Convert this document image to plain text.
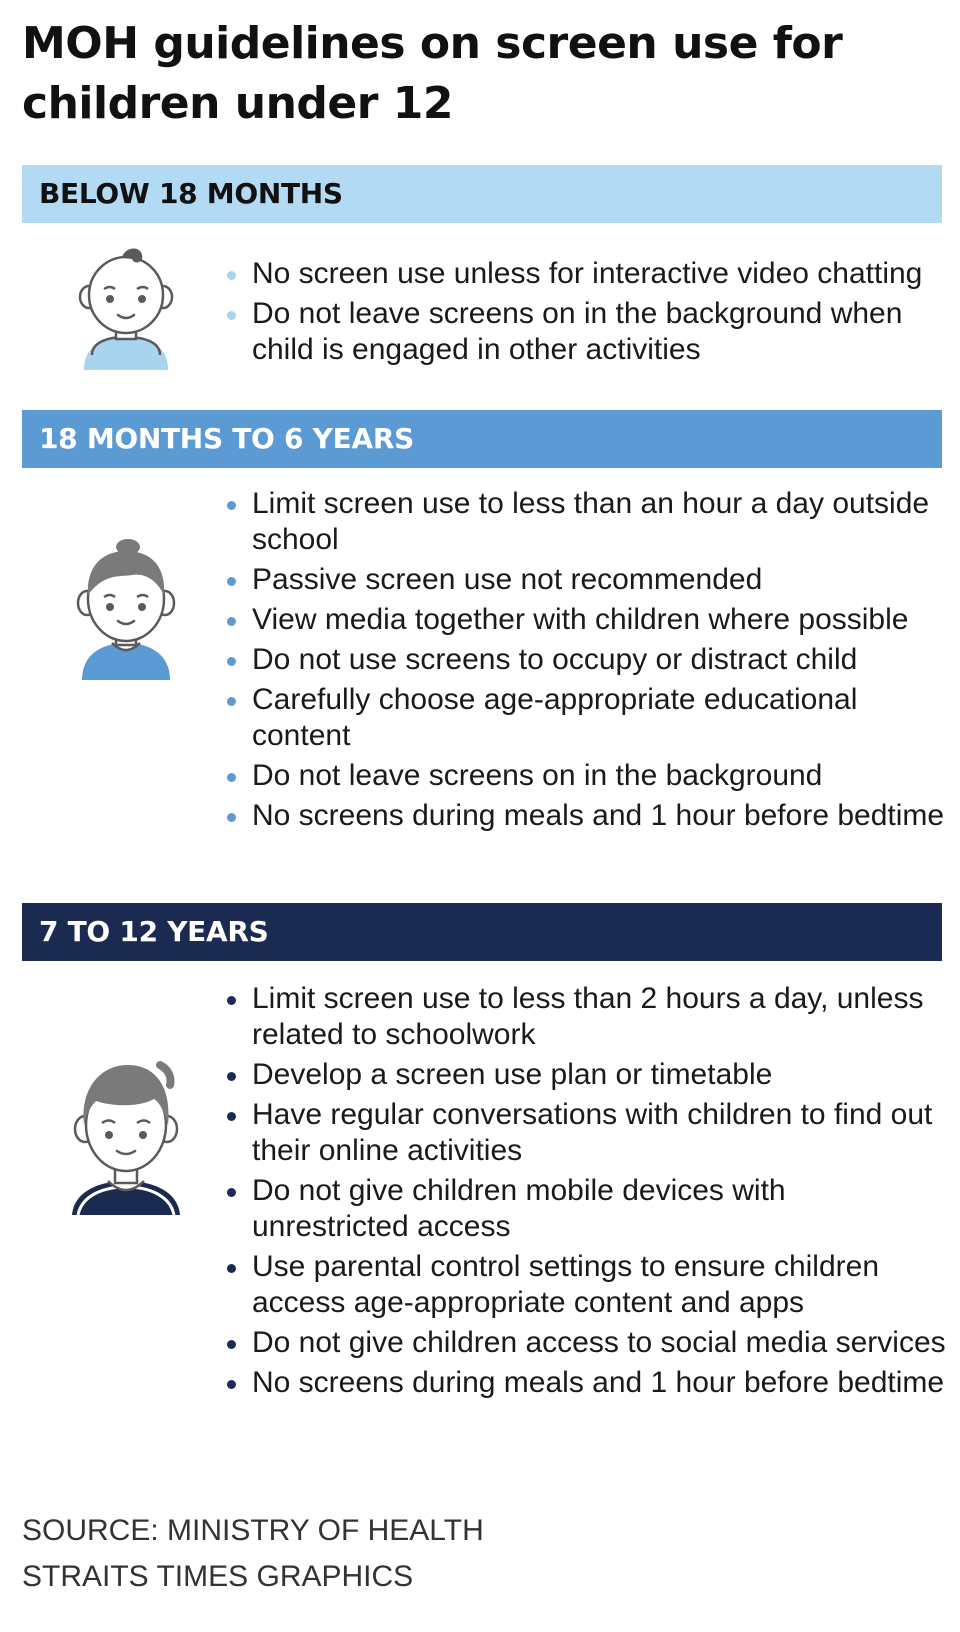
MOH guidelines on screen use for children under 12
BELOW 18 MONTHS
No screen use unless for interactive video chatting
Do not leave screens on in the background when child is engaged in other activities
18 MONTHS TO 6 YEARS
Limit screen use to less than an hour a day outside school
Passive screen use not recommended
View media together with children where possible
Do not use screens to occupy or distract child
Carefully choose age-appropriate educational content
Do not leave screens on in the background
No screens during meals and 1 hour before bedtime
7 TO 12 YEARS
Limit screen use to less than 2 hours a day, unless related to schoolwork
Develop a screen use plan or timetable
Have regular conversations with children to find out their online activities
Do not give children mobile devices with unrestricted access
Use parental control settings to ensure children access age-appropriate content and apps
Do not give children access to social media services
No screens during meals and 1 hour before bedtime
SOURCE: MINISTRY OF HEALTH
STRAITS TIMES GRAPHICS
